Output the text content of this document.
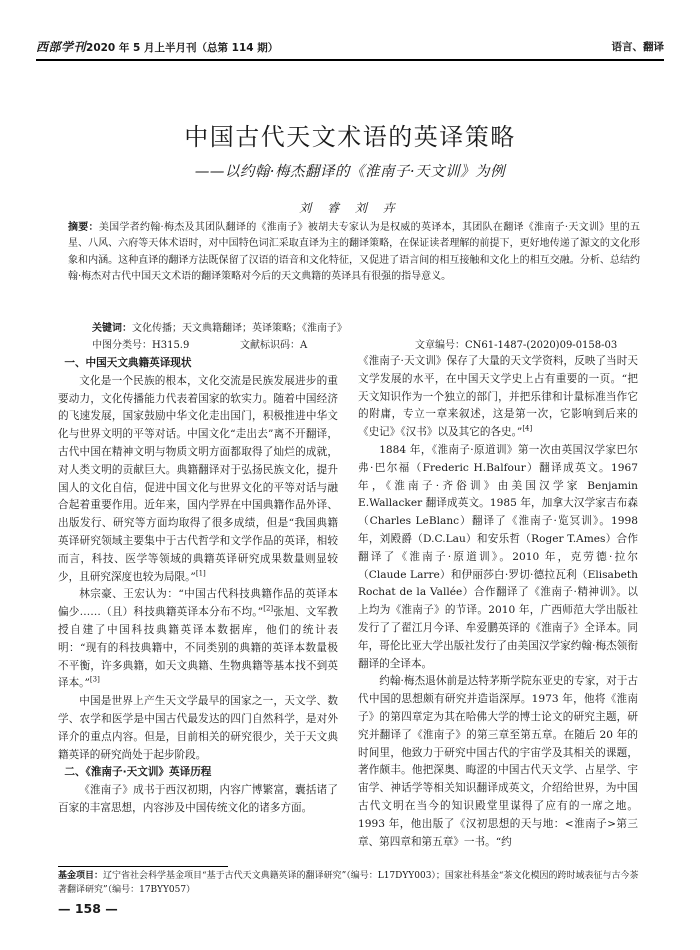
西部学刊2020 年 5 月上半月刊（总第 114 期）	语言、翻译
中国古代天文术语的英译策略
——以约翰·梅杰翻译的《淮南子·天文训》为例
刘 睿 刘 卉
摘要：美国学者约翰·梅杰及其团队翻译的《淮南子》被胡夫专家认为是权威的英译本，其团队在翻译《淮南子·天文训》里的五星、八风、六府等天体术语时，对中国特色词汇采取直译为主的翻译策略，在保证读者理解的前提下，更好地传递了源文的文化形象和内涵。这种直译的翻译方法既保留了汉语的语音和文化特征，又促进了语言间的相互接触和文化上的相互交融。分析、总结约翰·梅杰对古代中国天文术语的翻译策略对今后的天文典籍的英译具有很强的指导意义。
关键词：文化传播；天文典籍翻译；英译策略；《淮南子》
中图分类号：H315.9	文献标识码：A	文章编号：CN61-1487-(2020)09-0158-03
一、中国天文典籍英译现状

文化是一个民族的根本，文化交流是民族发展进步的重要动力，文化传播能力代表着国家的软实力。随着中国经济的飞速发展，国家鼓励中华文化走出国门，积极推进中华文化与世界文明的平等对话。中国文化“走出去”离不开翻译，古代中国在精神文明与物质文明方面都取得了灿烂的成就，对人类文明的贡献巨大。典籍翻译对于弘扬民族文化，提升国人的文化自信，促进中国文化与世界文化的平等对话与融合起着重要作用。近年来，国内学界在中国典籍作品外译、出版发行、研究等方面均取得了很多成绩，但是“我国典籍英译研究领域主要集中于古代哲学和文学作品的英译，相较而言，科技、医学等领域的典籍英译研究成果数量则显较少，且研究深度也较为局限。”[1]

林宗豪、王宏认为：“中国古代科技典籍作品的英译本偏少……（且）科技典籍英译本分布不均。”[2]张旭、文军教授自建了中国科技典籍英译本数据库，他们的统计表明：“现有的科技典籍中，不同类别的典籍的英译本数量极不平衡，许多典籍，如天文典籍、生物典籍等基本找不到英译本。”[3]

中国是世界上产生天文学最早的国家之一，天文学、数学、农学和医学是中国古代最发达的四门自然科学，是对外译介的重点内容。但是，目前相关的研究很少，关于天文典籍英译的研究尚处于起步阶段。

二、《淮南子·天文训》英译历程

《淮南子》成书于西汉初期，内容广博繁富，囊括诸了百家的丰富思想，内容涉及中国传统文化的诸多方面。

《淮南子·天文训》保存了大量的天文学资料，反映了当时天文学发展的水平，在中国天文学史上占有重要的一页。“把天文知识作为一个独立的部门，并把乐律和计量标准当作它的附庸，专立一章来叙述，这是第一次，它影响到后来的《史记》《汉书》以及其它的各史。”[4]

1884 年，《淮南子·原道训》第一次由英国汉学家巴尔弗·巴尔福（Frederic H.Balfour）翻译成英文。1967 年，《淮南子·齐俗训》由美国汉学家 Benjamin E.Wallacker 翻译成英文。1985 年，加拿大汉学家吉布森（Charles LeBlanc）翻译了《淮南子·览冥训》。1998 年，刘殿爵（D.C.Lau）和安乐哲（Roger T.Ames）合作翻译了《淮南子·原道训》。2010 年，克劳德·拉尔（Claude Larre）和伊丽莎白·罗切·德拉瓦利（Elisabeth Rochat de la Vallée）合作翻译了《淮南子·精神训》。以上均为《淮南子》的节译。2010 年，广西师范大学出版社发行了了翟江月今译、牟爱鹏英译的《淮南子》全译本。同年，哥伦比亚大学出版社发行了由美国汉学家约翰·梅杰领衔翻译的全译本。

约翰·梅杰退休前是达特茅斯学院东亚史的专家，对于古代中国的思想颇有研究并造诣深厚。1973 年，他将《淮南子》的第四章定为其在哈佛大学的博士论文的研究主题，研究并翻译了《淮南子》的第三章至第五章。在随后 20 年的时间里，他致力于研究中国古代的宇宙学及其相关的课题，著作颇丰。他把深奥、晦涩的中国古代天文学、占星学、宇宙学、神话学等相关知识翻译成英文，介绍给世界，为中国古代文明在当今的知识殿堂里谋得了应有的一席之地。1993 年，他出版了《汉初思想的天与地：<淮南子>第三章、第四章和第五章》一书。“约

基金项目：辽宁省社会科学基金项目“基于古代天文典籍英译的翻译研究”（编号：L17DYY003）；国家社科基金“茶文化模因的跨时域表征与古今茶著翻译研究”（编号：17BYY057）
— 158 —
